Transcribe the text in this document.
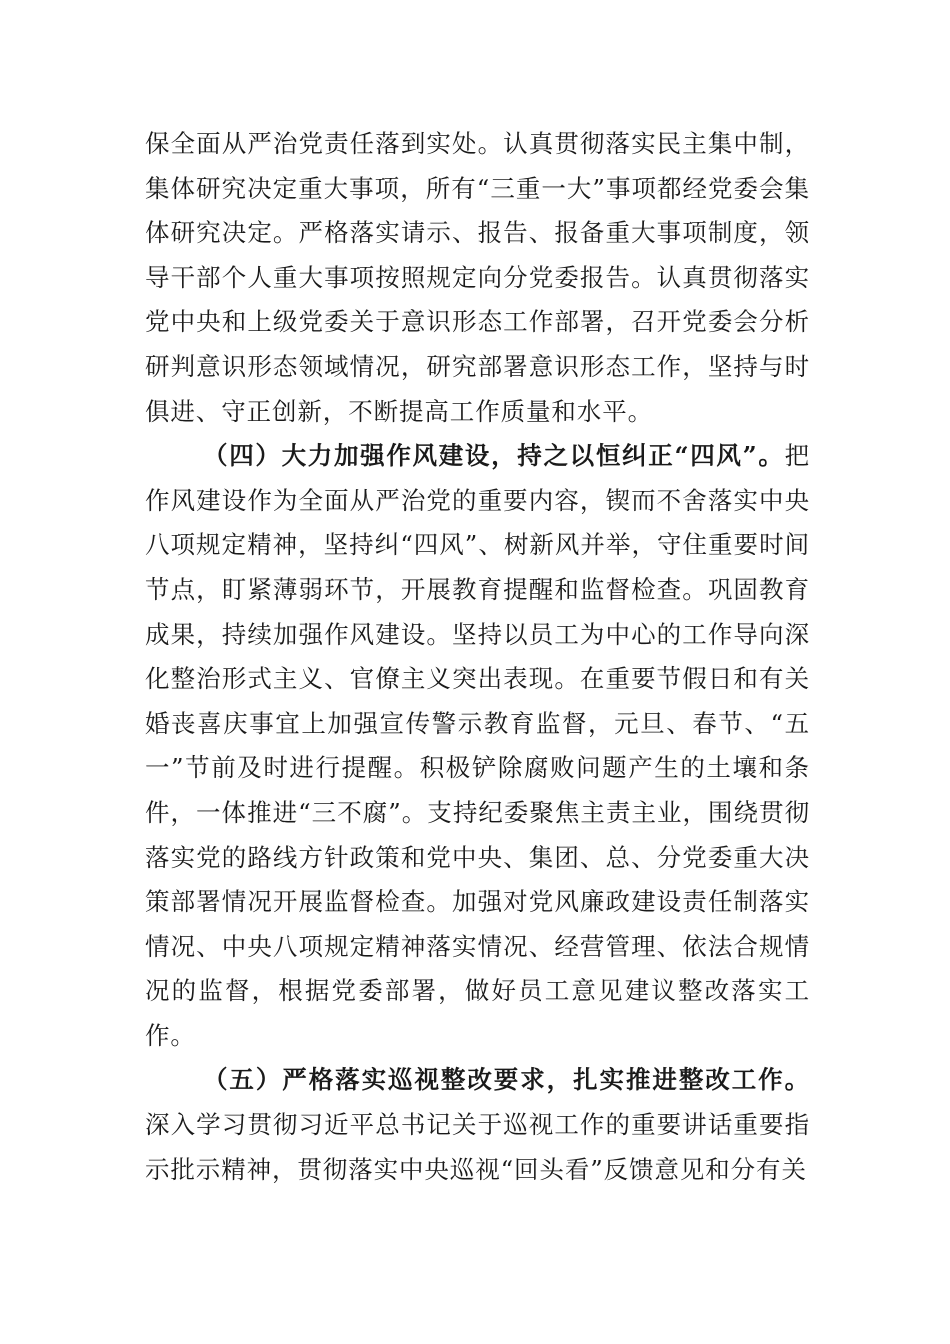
保全面从严治党责任落到实处。认真贯彻落实民主集中制，集体研究决定重大事项，所有“三重一大”事项都经党委会集体研究决定。严格落实请示、报告、报备重大事项制度，领导干部个人重大事项按照规定向分党委报告。认真贯彻落实党中央和上级党委关于意识形态工作部署，召开党委会分析研判意识形态领域情况，研究部署意识形态工作，坚持与时俱进、守正创新，不断提高工作质量和水平。

（四）大力加强作风建设，持之以恒纠正“四风”。把作风建设作为全面从严治党的重要内容，锲而不舍落实中央八项规定精神，坚持纠“四风”、树新风并举，守住重要时间节点，盯紧薄弱环节，开展教育提醒和监督检查。巩固教育成果，持续加强作风建设。坚持以员工为中心的工作导向深化整治形式主义、官僚主义突出表现。在重要节假日和有关婚丧喜庆事宜上加强宣传警示教育监督，元旦、春节、“五一”节前及时进行提醒。积极铲除腐败问题产生的土壤和条件，一体推进“三不腐”。支持纪委聚焦主责主业，围绕贯彻落实党的路线方针政策和党中央、集团、总、分党委重大决策部署情况开展监督检查。加强对党风廉政建设责任制落实情况、中央八项规定精神落实情况、经营管理、依法合规情况的监督，根据党委部署，做好员工意见建议整改落实工作。

（五）严格落实巡视整改要求，扎实推进整改工作。深入学习贯彻习近平总书记关于巡视工作的重要讲话重要指示批示精神，贯彻落实中央巡视“回头看”反馈意见和分有关
